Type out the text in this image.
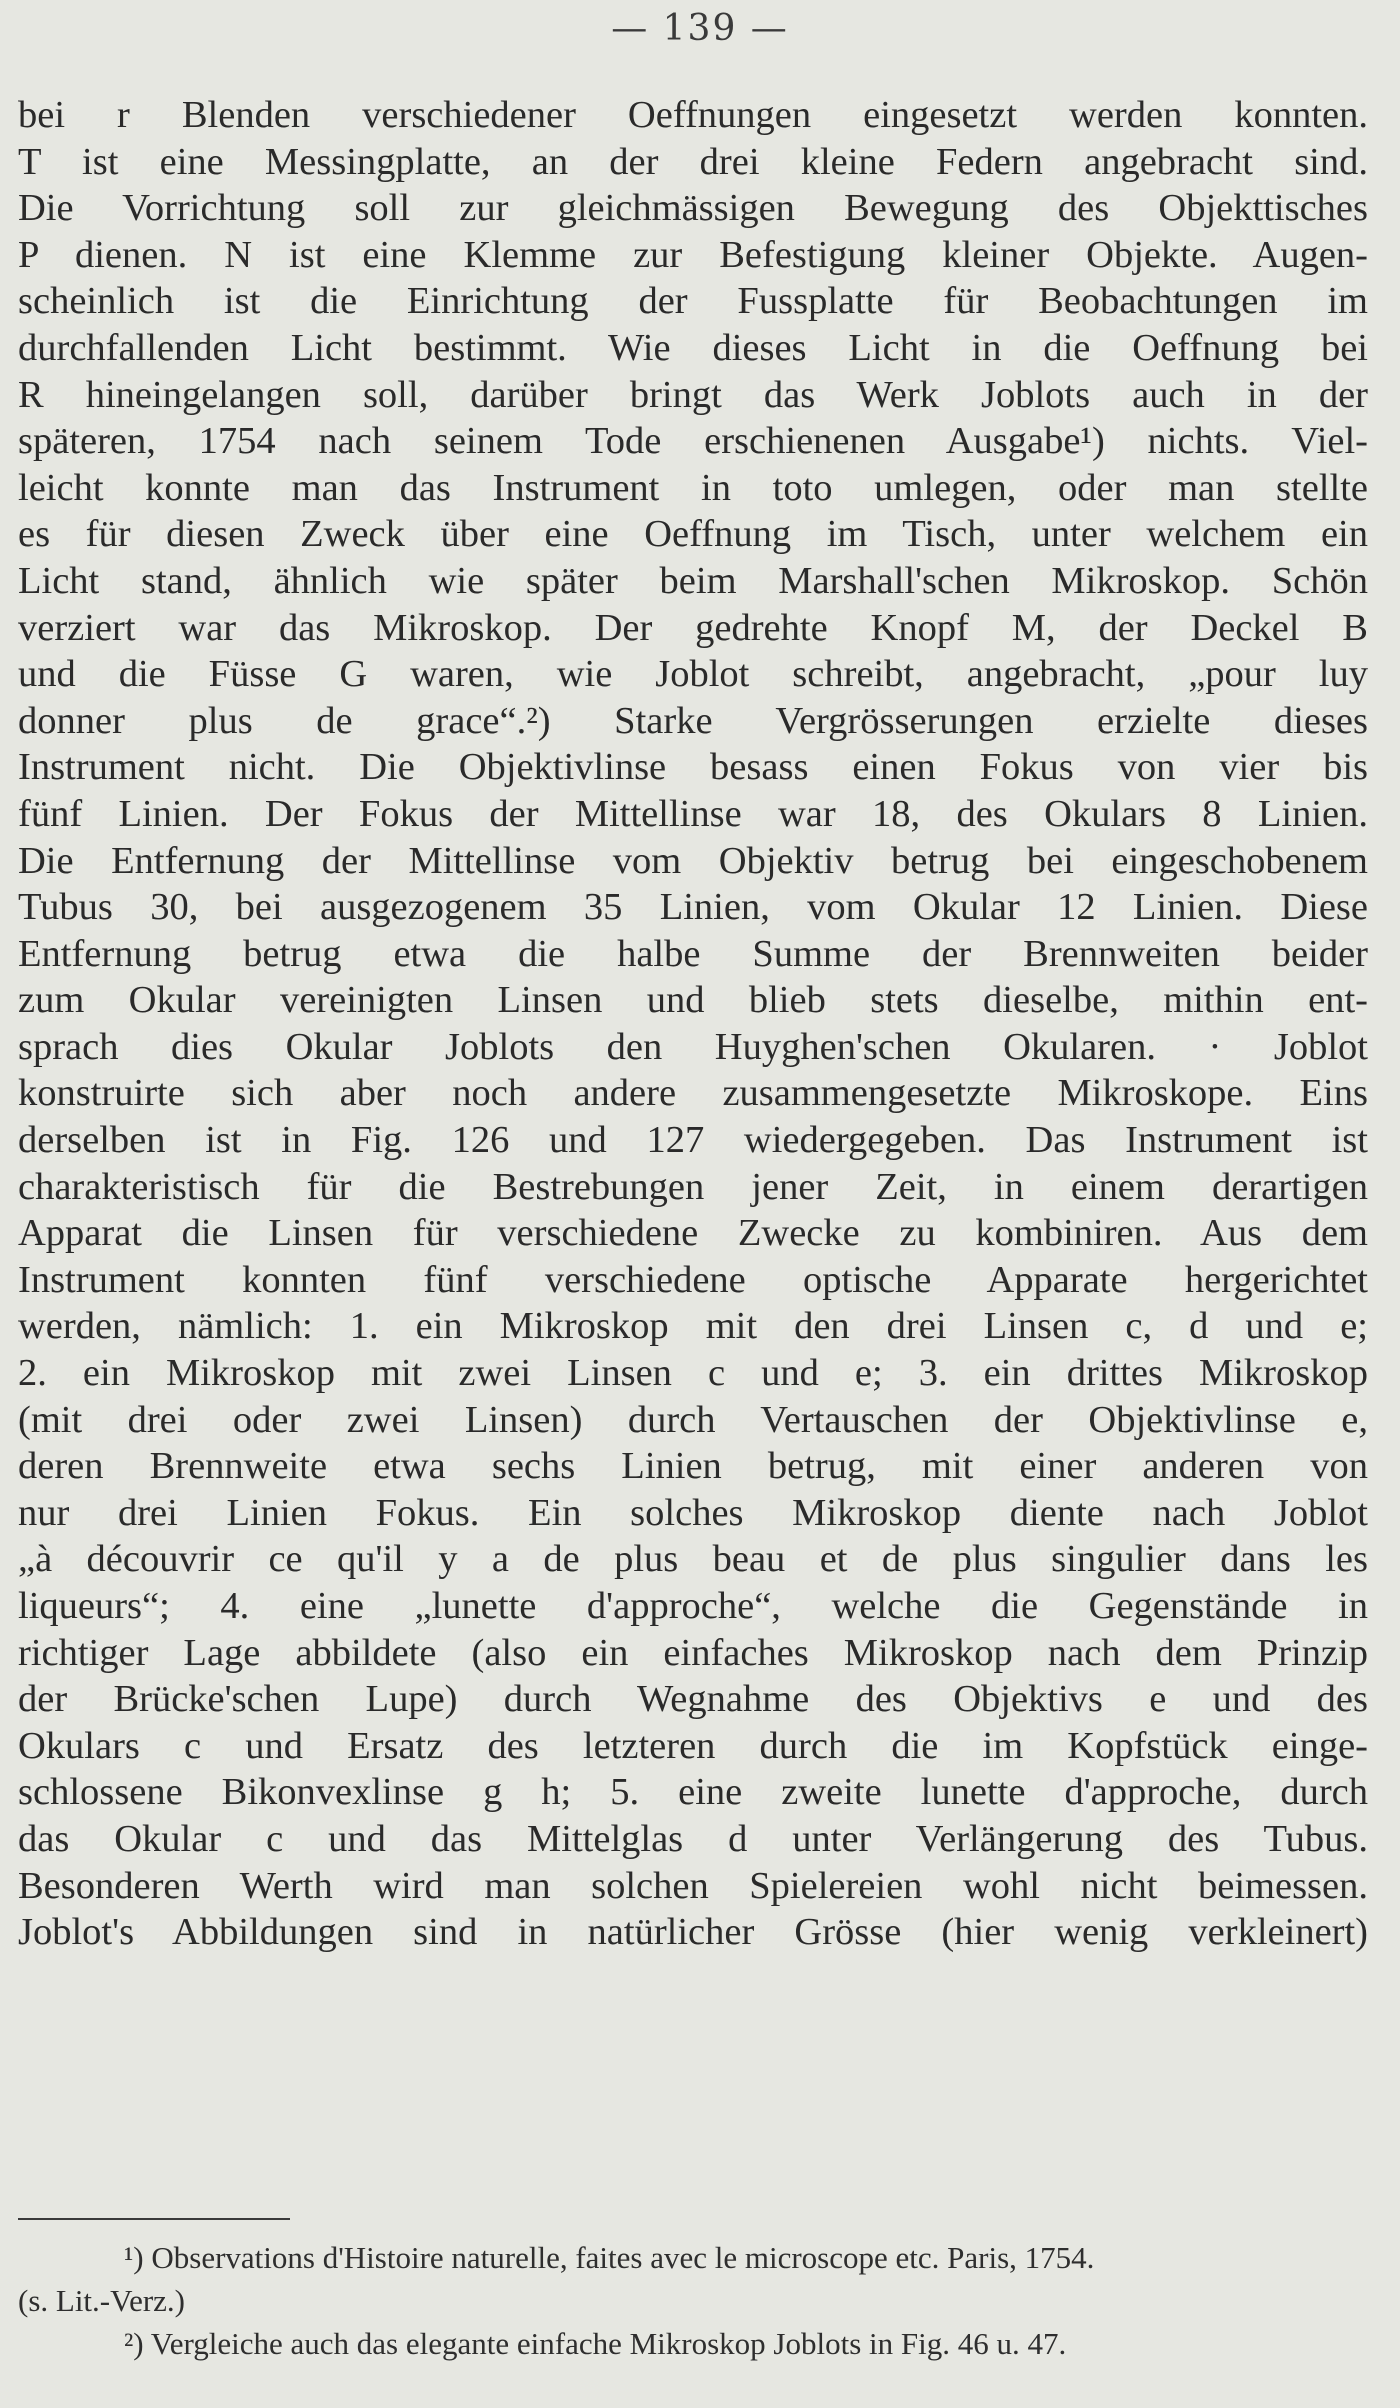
— 139 —
bei r Blenden verschiedener Oeffnungen eingesetzt werden konnten.
T ist eine Messingplatte, an der drei kleine Federn angebracht sind.
Die Vorrichtung soll zur gleichmässigen Bewegung des Objekttisches
P dienen. N ist eine Klemme zur Befestigung kleiner Objekte. Augen-
scheinlich ist die Einrichtung der Fussplatte für Beobachtungen im
durchfallenden Licht bestimmt. Wie dieses Licht in die Oeffnung bei
R hineingelangen soll, darüber bringt das Werk Joblots auch in der
späteren, 1754 nach seinem Tode erschienenen Ausgabe¹) nichts. Viel-
leicht konnte man das Instrument in toto umlegen, oder man stellte
es für diesen Zweck über eine Oeffnung im Tisch, unter welchem ein
Licht stand, ähnlich wie später beim Marshall'schen Mikroskop. Schön
verziert war das Mikroskop. Der gedrehte Knopf M, der Deckel B
und die Füsse G waren, wie Joblot schreibt, angebracht, „pour luy
donner plus de grace“.²) Starke Vergrösserungen erzielte dieses
Instrument nicht. Die Objektivlinse besass einen Fokus von vier bis
fünf Linien. Der Fokus der Mittellinse war 18, des Okulars 8 Linien.
Die Entfernung der Mittellinse vom Objektiv betrug bei eingeschobenem
Tubus 30, bei ausgezogenem 35 Linien, vom Okular 12 Linien. Diese
Entfernung betrug etwa die halbe Summe der Brennweiten beider
zum Okular vereinigten Linsen und blieb stets dieselbe, mithin ent-
sprach dies Okular Joblots den Huyghen'schen Okularen. · Joblot
konstruirte sich aber noch andere zusammengesetzte Mikroskope. Eins
derselben ist in Fig. 126 und 127 wiedergegeben. Das Instrument ist
charakteristisch für die Bestrebungen jener Zeit, in einem derartigen
Apparat die Linsen für verschiedene Zwecke zu kombiniren. Aus dem
Instrument konnten fünf verschiedene optische Apparate hergerichtet
werden, nämlich: 1. ein Mikroskop mit den drei Linsen c, d und e;
2. ein Mikroskop mit zwei Linsen c und e; 3. ein drittes Mikroskop
(mit drei oder zwei Linsen) durch Vertauschen der Objektivlinse e,
deren Brennweite etwa sechs Linien betrug, mit einer anderen von
nur drei Linien Fokus. Ein solches Mikroskop diente nach Joblot
„à découvrir ce qu'il y a de plus beau et de plus singulier dans les
liqueurs“; 4. eine „lunette d'approche“, welche die Gegenstände in
richtiger Lage abbildete (also ein einfaches Mikroskop nach dem Prinzip
der Brücke'schen Lupe) durch Wegnahme des Objektivs e und des
Okulars c und Ersatz des letzteren durch die im Kopfstück einge-
schlossene Bikonvexlinse g h; 5. eine zweite lunette d'approche, durch
das Okular c und das Mittelglas d unter Verlängerung des Tubus.
Besonderen Werth wird man solchen Spielereien wohl nicht beimessen.
Joblot's Abbildungen sind in natürlicher Grösse (hier wenig verkleinert)
¹) Observations d'Histoire naturelle, faites avec le microscope etc. Paris, 1754.
(s. Lit.-Verz.)
²) Vergleiche auch das elegante einfache Mikroskop Joblots in Fig. 46 u. 47.
